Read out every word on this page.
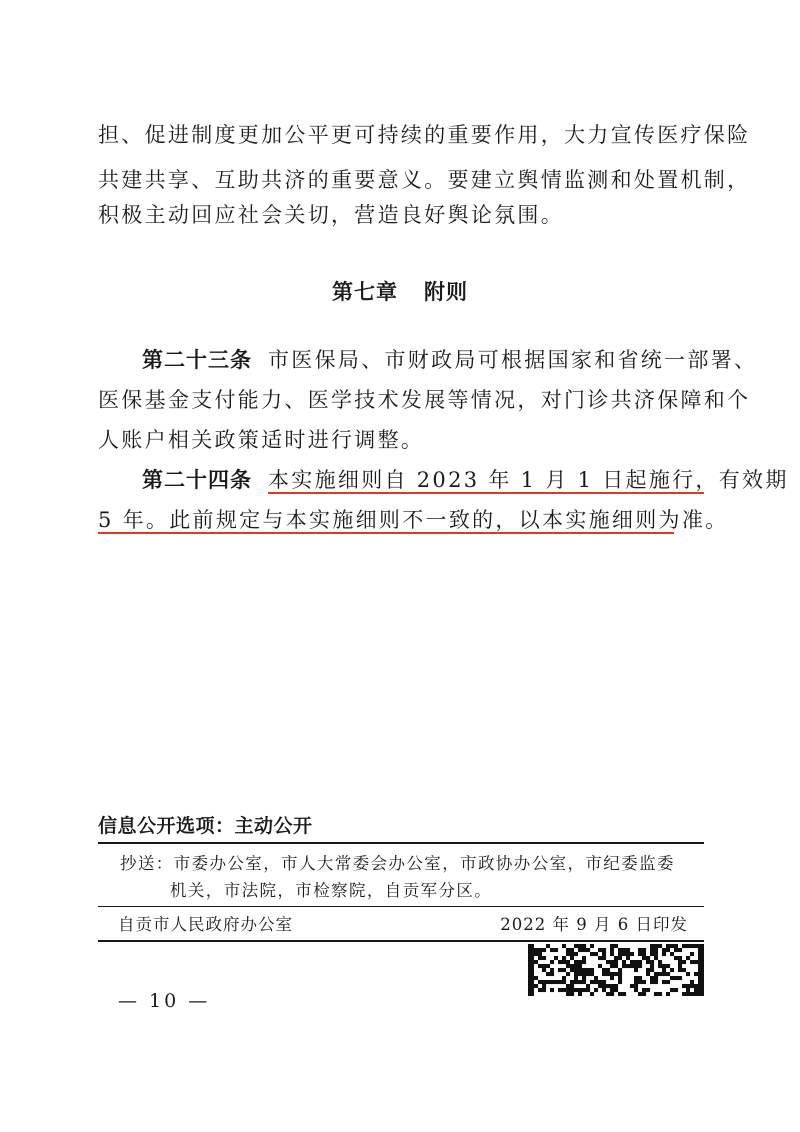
担、促进制度更加公平更可持续的重要作用，大力宣传医疗保险

共建共享、互助共济的重要意义。要建立舆情监测和处置机制，

积极主动回应社会关切，营造良好舆论氛围。

第七章 附则

第二十三条 市医保局、市财政局可根据国家和省统一部署、

医保基金支付能力、医学技术发展等情况，对门诊共济保障和个

人账户相关政策适时进行调整。

第二十四条 本实施细则自 2023 年 1 月 1 日起施行，有效期

5 年。此前规定与本实施细则不一致的，以本实施细则为准。

信息公开选项：主动公开

抄送：市委办公室，市人大常委会办公室，市政协办公室，市纪委监委

机关，市法院，市检察院，自贡军分区。

自贡市人民政府办公室	2022 年 9 月 6 日印发

— 10 —
